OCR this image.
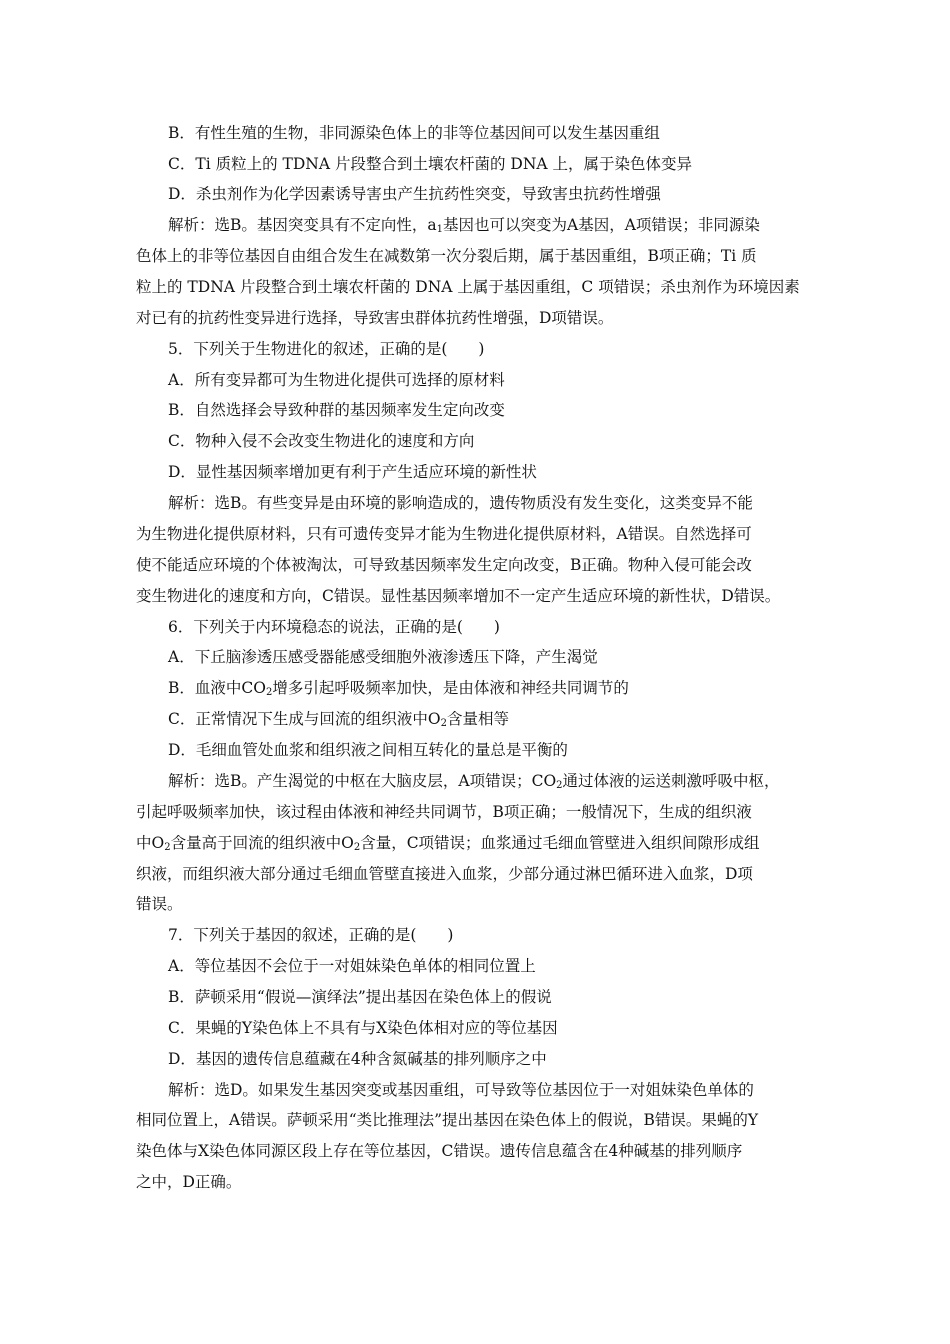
B．有性生殖的生物，非同源染色体上的非等位基因间可以发生基因重组
C．Ti 质粒上的 TDNA 片段整合到土壤农杆菌的 DNA 上，属于染色体变异
D．杀虫剂作为化学因素诱导害虫产生抗药性突变，导致害虫抗药性增强
解析：选B。基因突变具有不定向性，$a_1$基因也可以突变为A基因，A项错误；非同源染
色体上的非等位基因自由组合发生在减数第一次分裂后期，属于基因重组，B项正确；Ti 质
粒上的 TDNA 片段整合到土壤农杆菌的 DNA 上属于基因重组，C 项错误；杀虫剂作为环境因素
对已有的抗药性变异进行选择，导致害虫群体抗药性增强，D项错误。
5．下列关于生物进化的叙述，正确的是(　　)
A．所有变异都可为生物进化提供可选择的原材料
B．自然选择会导致种群的基因频率发生定向改变
C．物种入侵不会改变生物进化的速度和方向
D．显性基因频率增加更有利于产生适应环境的新性状
解析：选B。有些变异是由环境的影响造成的，遗传物质没有发生变化，这类变异不能
为生物进化提供原材料，只有可遗传变异才能为生物进化提供原材料，A错误。自然选择可
使不能适应环境的个体被淘汰，可导致基因频率发生定向改变，B正确。物种入侵可能会改
变生物进化的速度和方向，C错误。显性基因频率增加不一定产生适应环境的新性状，D错误。
6．下列关于内环境稳态的说法，正确的是(　　)
A．下丘脑渗透压感受器能感受细胞外液渗透压下降，产生渴觉
B．血液中$CO_2$增多引起呼吸频率加快，是由体液和神经共同调节的
C．正常情况下生成与回流的组织液中$O_2$含量相等
D．毛细血管处血浆和组织液之间相互转化的量总是平衡的
解析：选B。产生渴觉的中枢在大脑皮层，A项错误；$CO_2$通过体液的运送刺激呼吸中枢，
引起呼吸频率加快，该过程由体液和神经共同调节，B项正确；一般情况下，生成的组织液
中$O_2$含量高于回流的组织液中$O_2$含量，C项错误；血浆通过毛细血管壁进入组织间隙形成组
织液，而组织液大部分通过毛细血管壁直接进入血浆，少部分通过淋巴循环进入血浆，D项
错误。
7．下列关于基因的叙述，正确的是(　　)
A．等位基因不会位于一对姐妹染色单体的相同位置上
B．萨顿采用“假说—演绎法”提出基因在染色体上的假说
C．果蝇的Y染色体上不具有与X染色体相对应的等位基因
D．基因的遗传信息蕴藏在4种含氮碱基的排列顺序之中
解析：选D。如果发生基因突变或基因重组，可导致等位基因位于一对姐妹染色单体的
相同位置上，A错误。萨顿采用“类比推理法”提出基因在染色体上的假说，B错误。果蝇的Y
染色体与X染色体同源区段上存在等位基因，C错误。遗传信息蕴含在4种碱基的排列顺序
之中，D正确。
